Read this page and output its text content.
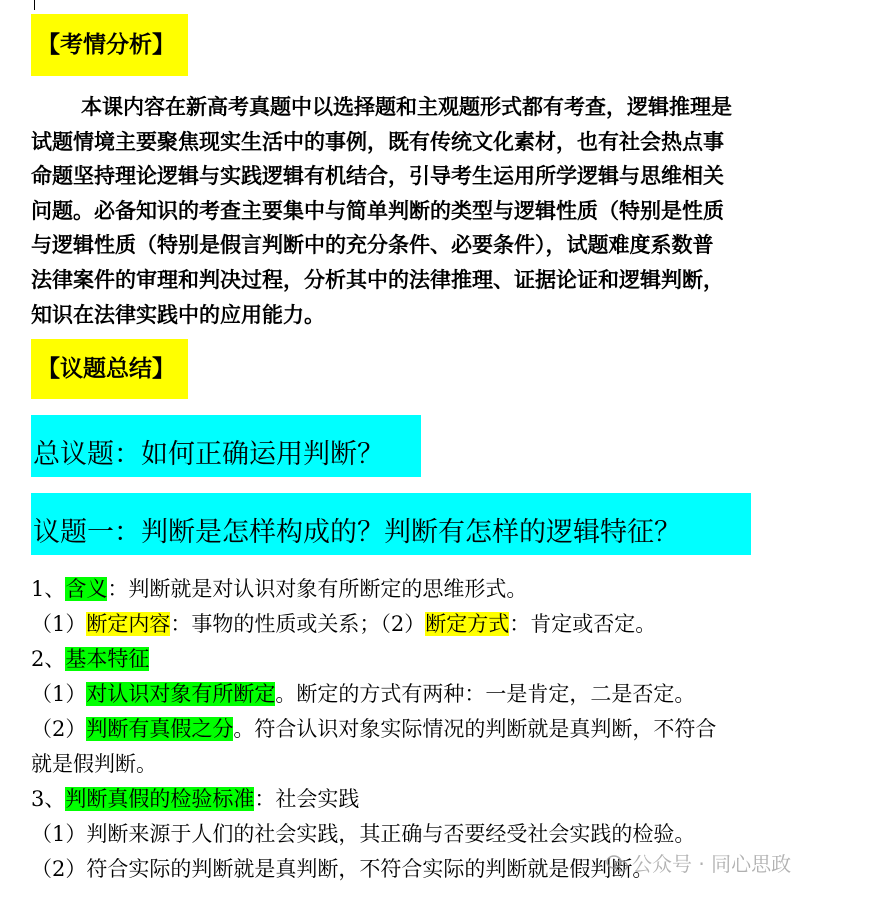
【考情分析】
本课内容在新高考真题中以选择题和主观题形式都有考查，逻辑推理是
试题情境主要聚焦现实生活中的事例，既有传统文化素材，也有社会热点事
命题坚持理论逻辑与实践逻辑有机结合，引导考生运用所学逻辑与思维相关
问题。必备知识的考查主要集中与简单判断的类型与逻辑性质（特别是性质
与逻辑性质（特别是假言判断中的充分条件、必要条件），试题难度系数普
法律案件的审理和判决过程，分析其中的法律推理、证据论证和逻辑判断，
知识在法律实践中的应用能力。
【议题总结】
总议题：如何正确运用判断？
议题一：判断是怎样构成的？判断有怎样的逻辑特征？
1、含义：判断就是对认识对象有所断定的思维形式。
（1）断定内容：事物的性质或关系；（2）断定方式：肯定或否定。
2、基本特征
（1）对认识对象有所断定。断定的方式有两种：一是肯定，二是否定。
（2）判断有真假之分。符合认识对象实际情况的判断就是真判断，不符合
就是假判断。
3、判断真假的检验标准：社会实践
（1）判断来源于人们的社会实践，其正确与否要经受社会实践的检验。
（2）符合实际的判断就是真判断，不符合实际的判断就是假判断。
公众号 · 同心思政
